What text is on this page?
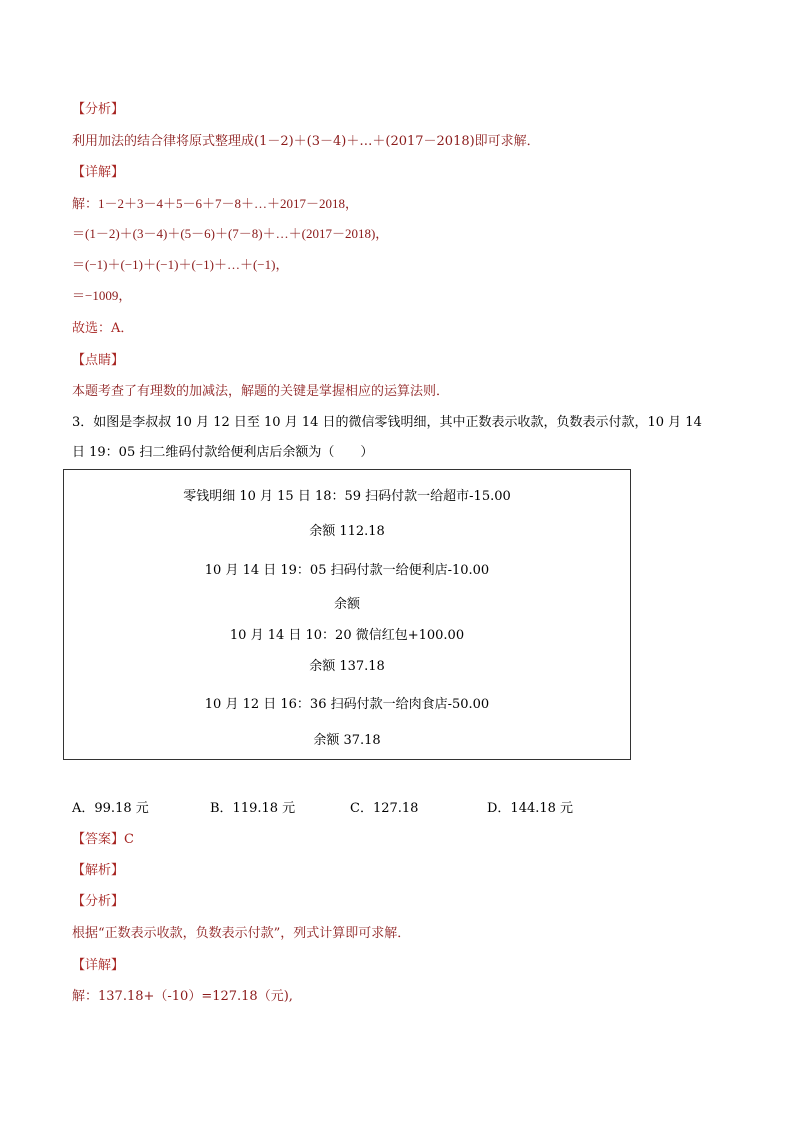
【分析】
利用加法的结合律将原式整理成(1－2)＋(3－4)＋…＋(2017－2018)即可求解．
【详解】
解：1－2＋3－4＋5－6＋7－8＋…＋2017－2018，
＝(1－2)＋(3－4)＋(5－6)＋(7－8)＋…＋(2017－2018)，
＝(−1)＋(−1)＋(−1)＋(−1)＋…＋(−1)，
＝−1009，
故选：A．
【点睛】
本题考查了有理数的加减法，解题的关键是掌握相应的运算法则．
3．如图是李叔叔 10 月 12 日至 10 月 14 日的微信零钱明细，其中正数表示收款，负数表示付款，10 月 14
日 19：05 扫二维码付款给便利店后余额为（　　）
零钱明细 10 月 15 日 18：59 扫码付款一给超市-15.00
余额 112.18
10 月 14 日 19：05 扫码付款一给便利店-10.00
余额
10 月 14 日 10：20 微信红包+100.00
余额 137.18
10 月 12 日 16：36 扫码付款一给肉食店-50.00
余额 37.18
A．99.18 元	B．119.18 元	C．127.18	D．144.18 元
【答案】C
【解析】
【分析】
根据“正数表示收款，负数表示付款”，列式计算即可求解．
【详解】
解：137.18+（-10）=127.18（元),
